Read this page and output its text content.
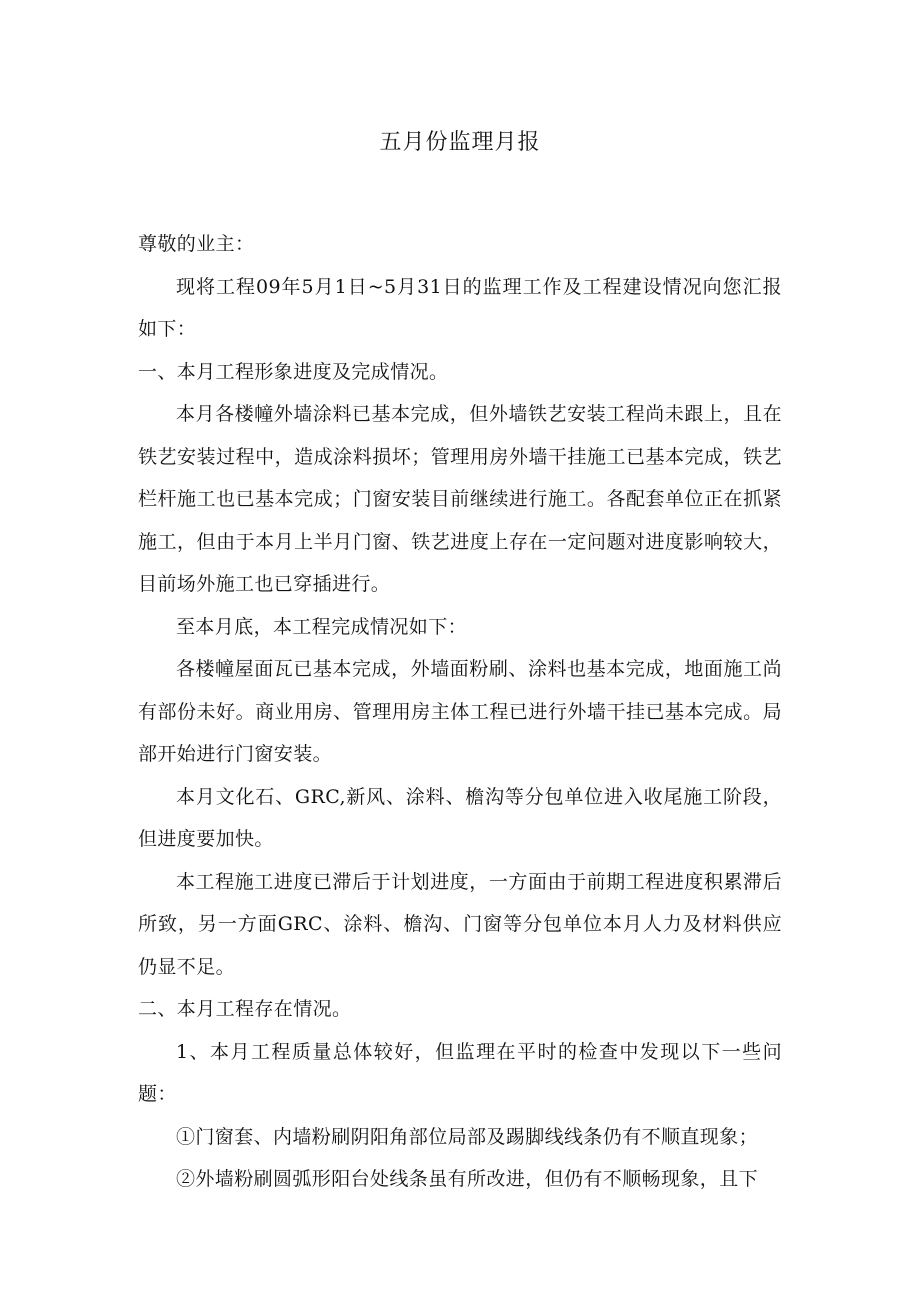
五月份监理月报

尊敬的业主：

现将工程09年5月1日~5月31日的监理工作及工程建设情况向您汇报如下：

一、本月工程形象进度及完成情况。

本月各楼幢外墙涂料已基本完成，但外墙铁艺安装工程尚未跟上，且在铁艺安装过程中，造成涂料损坏；管理用房外墙干挂施工已基本完成，铁艺栏杆施工也已基本完成；门窗安装目前继续进行施工。各配套单位正在抓紧施工，但由于本月上半月门窗、铁艺进度上存在一定问题对进度影响较大，目前场外施工也已穿插进行。

至本月底，本工程完成情况如下：

各楼幢屋面瓦已基本完成，外墙面粉刷、涂料也基本完成，地面施工尚有部份未好。商业用房、管理用房主体工程已进行外墙干挂已基本完成。局部开始进行门窗安装。

本月文化石、GRC,新风、涂料、檐沟等分包单位进入收尾施工阶段，但进度要加快。

本工程施工进度已滞后于计划进度，一方面由于前期工程进度积累滞后所致，另一方面GRC、涂料、檐沟、门窗等分包单位本月人力及材料供应仍显不足。

二、本月工程存在情况。

1、本月工程质量总体较好，但监理在平时的检查中发现以下一些问题：

①门窗套、内墙粉刷阴阳角部位局部及踢脚线线条仍有不顺直现象；

②外墙粉刷圆弧形阳台处线条虽有所改进，但仍有不顺畅现象，且下
